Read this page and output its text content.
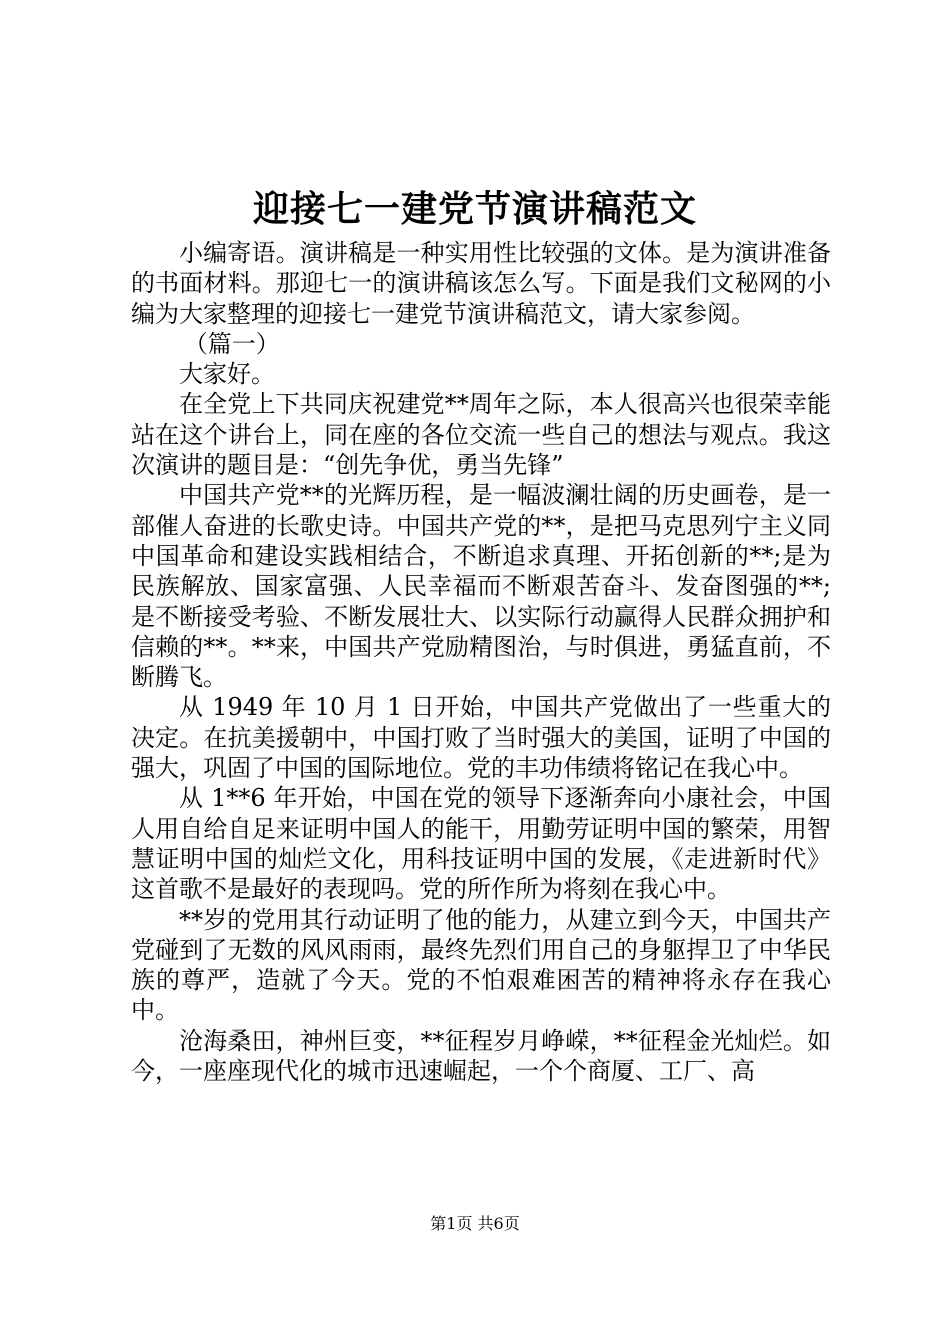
迎接七一建党节演讲稿范文

小编寄语。演讲稿是一种实用性比较强的文体。是为演讲准备的书面材料。那迎七一的演讲稿该怎么写。下面是我们文秘网的小编为大家整理的迎接七一建党节演讲稿范文，请大家参阅。

（篇一）

大家好。

在全党上下共同庆祝建党**周年之际，本人很高兴也很荣幸能站在这个讲台上，同在座的各位交流一些自己的想法与观点。我这次演讲的题目是：“创先争优，勇当先锋”

中国共产党**的光辉历程，是一幅波澜壮阔的历史画卷，是一部催人奋进的长歌史诗。中国共产党的**，是把马克思列宁主义同中国革命和建设实践相结合，不断追求真理、开拓创新的**;是为民族解放、国家富强、人民幸福而不断艰苦奋斗、发奋图强的**;是不断接受考验、不断发展壮大、以实际行动赢得人民群众拥护和信赖的**。**来，中国共产党励精图治，与时俱进，勇猛直前，不断腾飞。

从 1949 年 10 月 1 日开始，中国共产党做出了一些重大的决定。在抗美援朝中，中国打败了当时强大的美国，证明了中国的强大，巩固了中国的国际地位。党的丰功伟绩将铭记在我心中。

从 1**6 年开始，中国在党的领导下逐渐奔向小康社会，中国人用自给自足来证明中国人的能干，用勤劳证明中国的繁荣，用智慧证明中国的灿烂文化，用科技证明中国的发展，《走进新时代》这首歌不是最好的表现吗。党的所作所为将刻在我心中。

**岁的党用其行动证明了他的能力，从建立到今天，中国共产党碰到了无数的风风雨雨，最终先烈们用自己的身躯捍卫了中华民族的尊严，造就了今天。党的不怕艰难困苦的精神将永存在我心中。

沧海桑田，神州巨变，**征程岁月峥嵘，**征程金光灿烂。如今，一座座现代化的城市迅速崛起，一个个商厦、工厂、高

第1页 共6页
